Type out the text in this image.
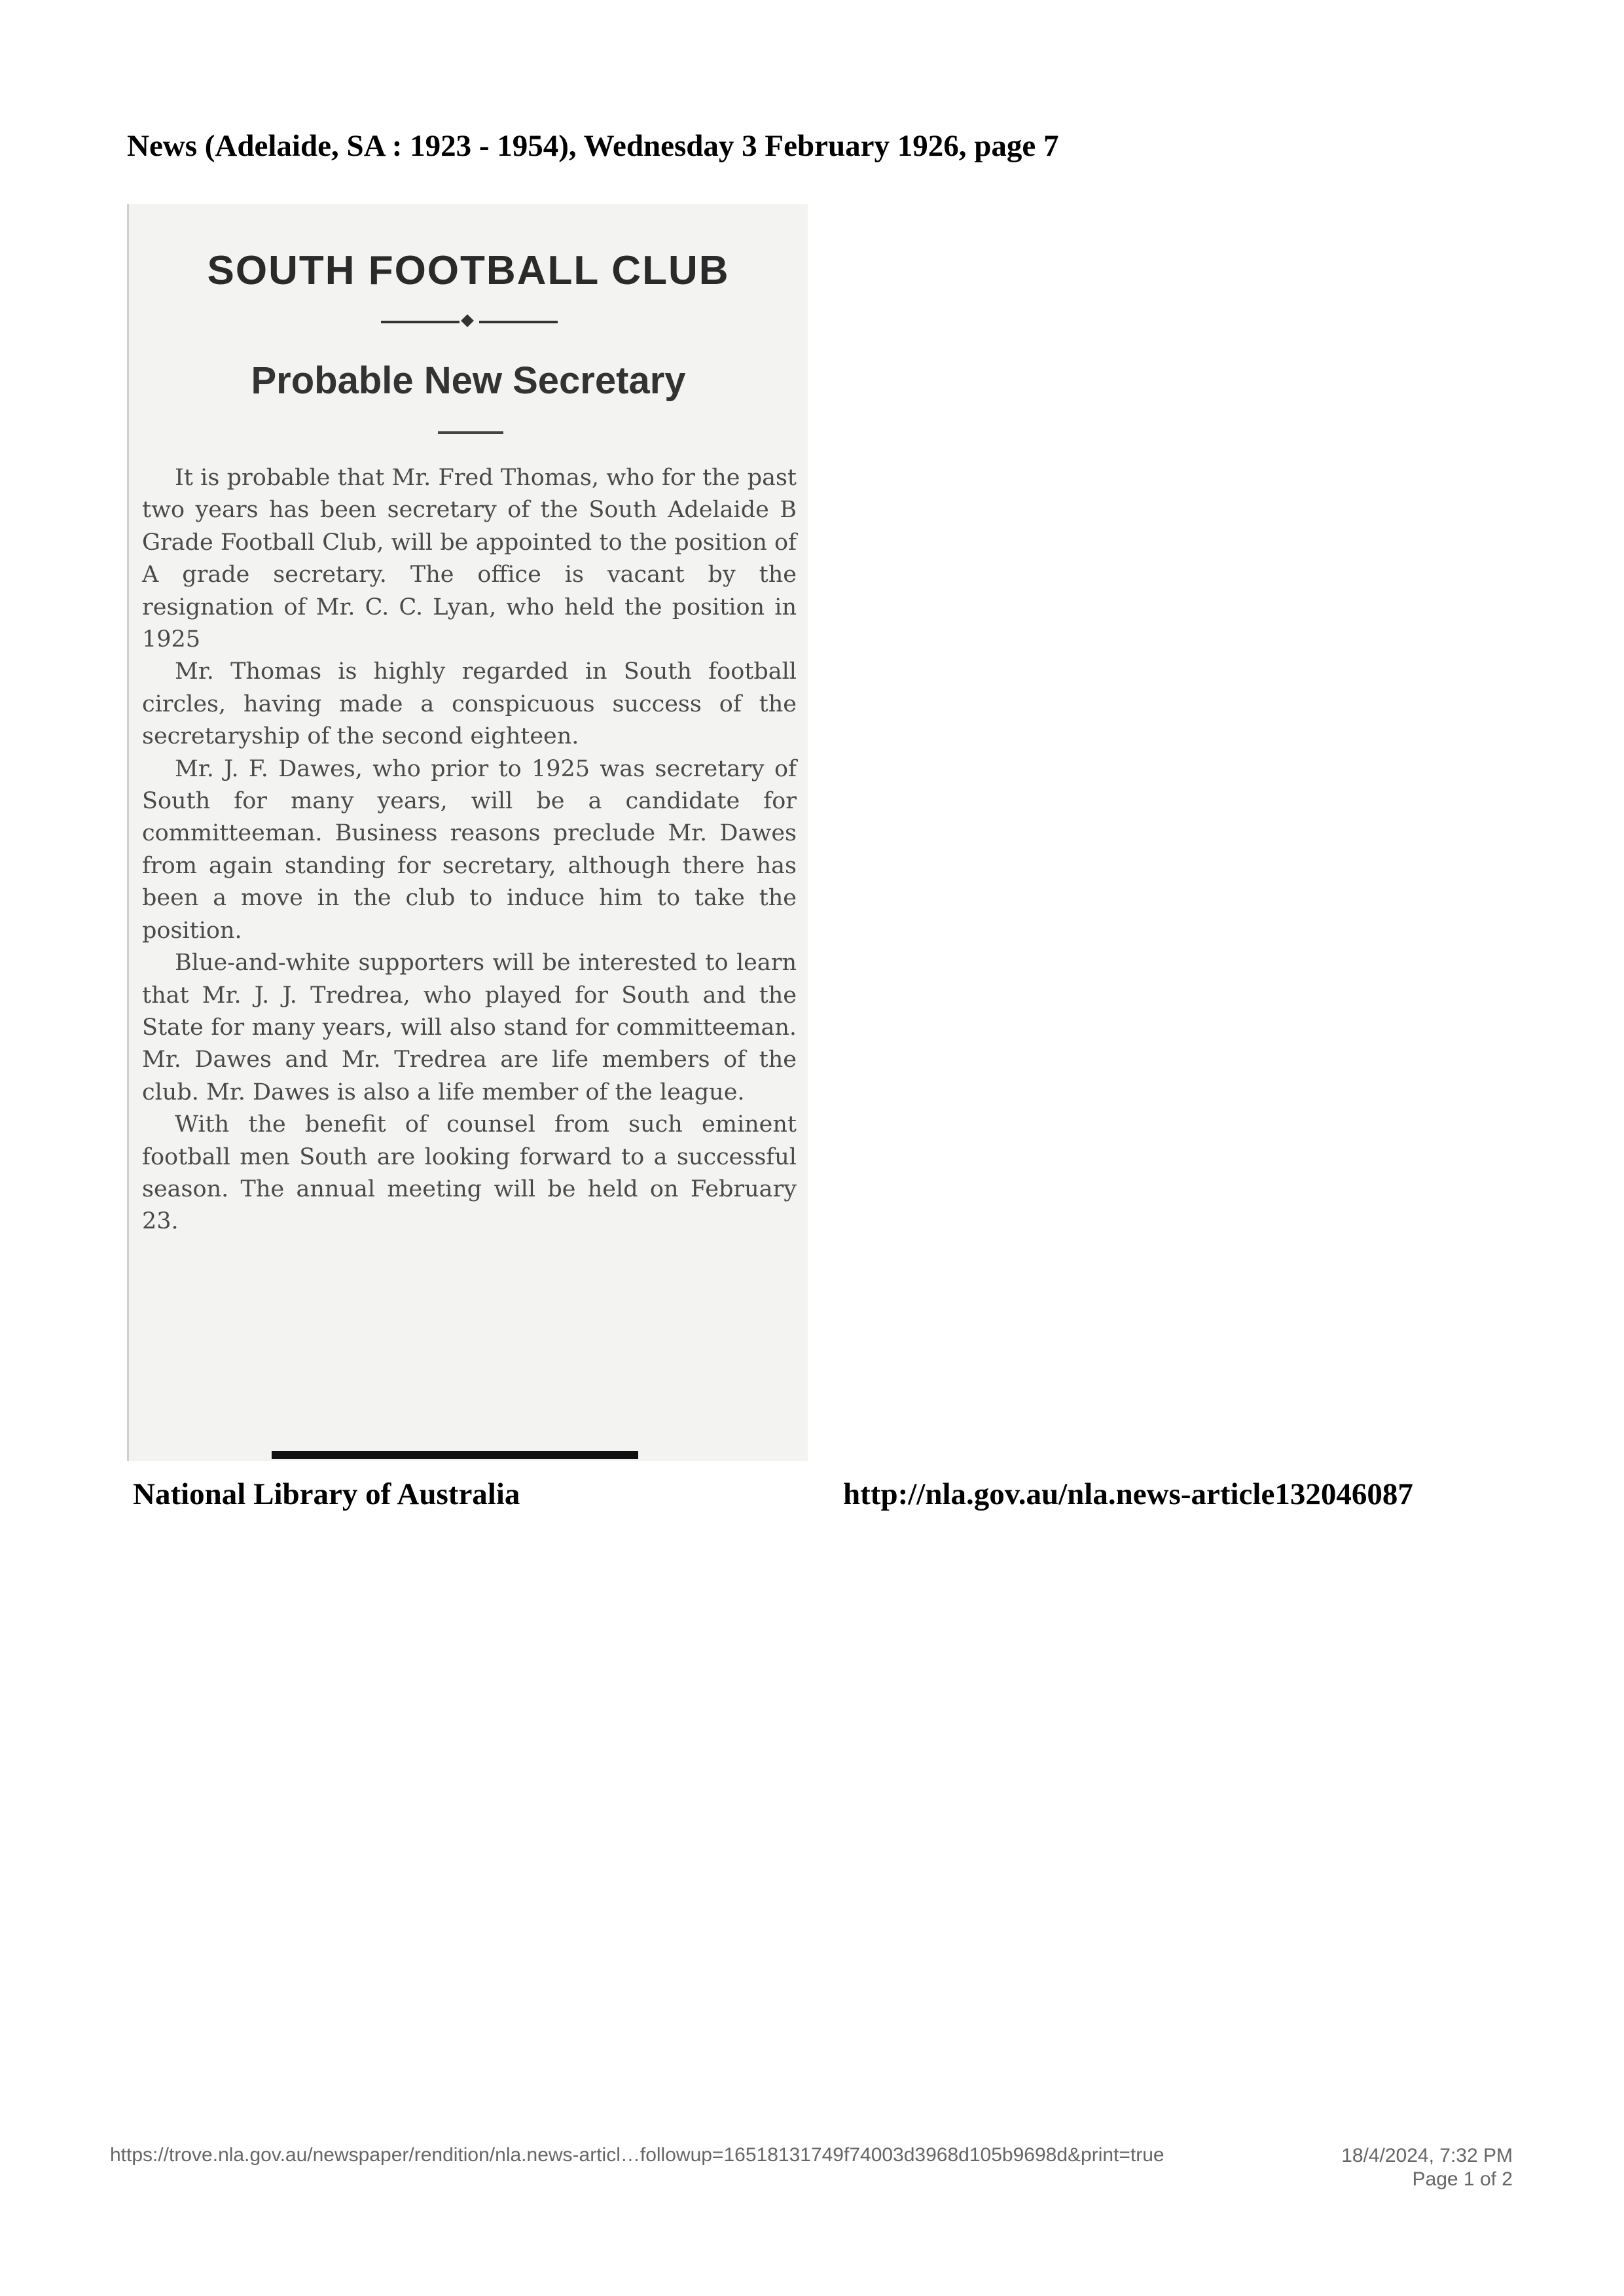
News (Adelaide, SA : 1923 - 1954), Wednesday 3 February 1926, page 7
SOUTH FOOTBALL CLUB
Probable New Secretary

It is probable that Mr. Fred Thomas, who for the past two years has been secretary of the South Adelaide B Grade Football Club, will be appointed to the position of A grade secretary. The office is vacant by the resignation of Mr. C. C. Lyan, who held the position in 1925

Mr. Thomas is highly regarded in South football circles, having made a conspicuous success of the secretaryship of the second eighteen.

Mr. J. F. Dawes, who prior to 1925 was secretary of South for many years, will be a candidate for committeeman. Business reasons preclude Mr. Dawes from again standing for secretary, although there has been a move in the club to induce him to take the position.

Blue-and-white supporters will be interested to learn that Mr. J. J. Tredrea, who played for South and the State for many years, will also stand for committeeman. Mr. Dawes and Mr. Tredrea are life members of the club. Mr. Dawes is also a life member of the league.

With the benefit of counsel from such eminent football men South are looking forward to a successful season. The annual meeting will be held on February 23.

National Library of Australia	http://nla.gov.au/nla.news-article132046087
https://trove.nla.gov.au/newspaper/rendition/nla.news-articl…followup=16518131749f74003d3968d105b9698d&print=true	18/4/2024, 7:32 PM
Page 1 of 2
